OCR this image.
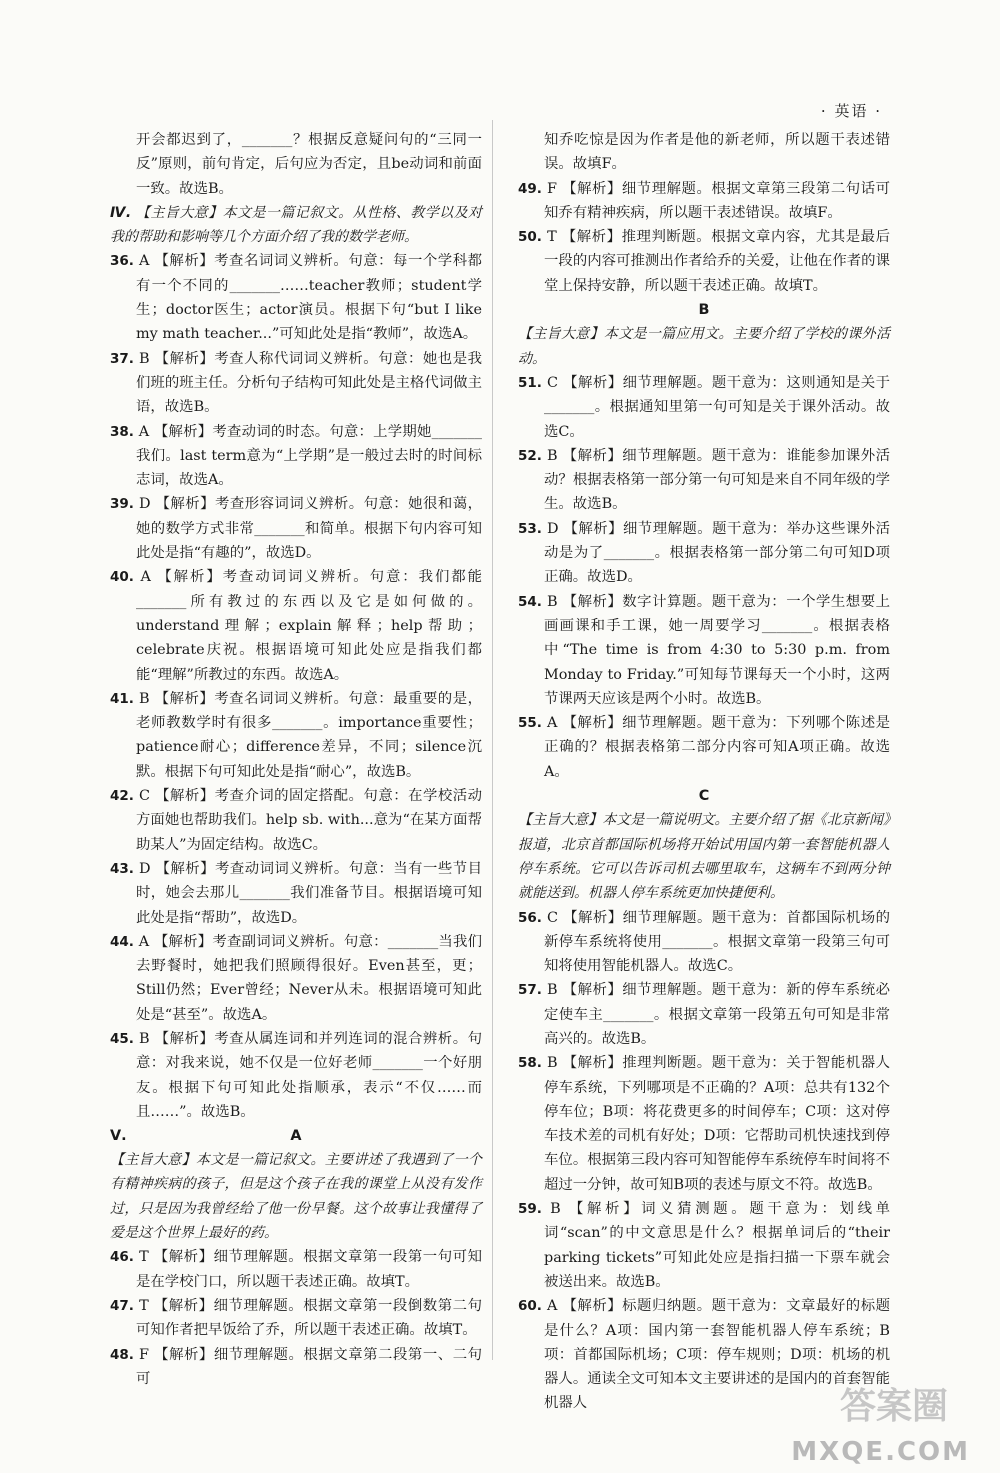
· 英语 ·
开会都迟到了，_______？根据反意疑问句的“三同一反”原则，前句肯定，后句应为否定，且be动词和前面一致。故选B。
Ⅳ. 【主旨大意】本文是一篇记叙文。从性格、教学以及对我的帮助和影响等几个方面介绍了我的数学老师。
36. A 【解析】考查名词词义辨析。句意：每一个学科都有一个不同的_______……teacher教师；student学生；doctor医生；actor演员。根据下句“but I like my math teacher...”可知此处是指“教师”，故选A。
37. B 【解析】考查人称代词词义辨析。句意：她也是我们班的班主任。分析句子结构可知此处是主格代词做主语，故选B。
38. A 【解析】考查动词的时态。句意：上学期她_______我们。last term意为“上学期”是一般过去时的时间标志词，故选A。
39. D 【解析】考查形容词词义辨析。句意：她很和蔼，她的数学方式非常_______和简单。根据下句内容可知此处是指“有趣的”，故选D。
40. A 【解析】考查动词词义辨析。句意：我们都能_______所有教过的东西以及它是如何做的。understand理解；explain解释；help帮助；celebrate庆祝。根据语境可知此处应是指我们都能“理解”所教过的东西。故选A。
41. B 【解析】考查名词词义辨析。句意：最重要的是，老师教数学时有很多_______。importance重要性；patience耐心；difference差异，不同；silence沉默。根据下句可知此处是指“耐心”，故选B。
42. C 【解析】考查介词的固定搭配。句意：在学校活动方面她也帮助我们。help sb. with...意为“在某方面帮助某人”为固定结构。故选C。
43. D 【解析】考查动词词义辨析。句意：当有一些节目时，她会去那儿_______我们准备节目。根据语境可知此处是指“帮助”，故选D。
44. A 【解析】考查副词词义辨析。句意：_______当我们去野餐时，她把我们照顾得很好。Even甚至，更；Still仍然；Ever曾经；Never从未。根据语境可知此处是“甚至”。故选A。
45. B 【解析】考查从属连词和并列连词的混合辨析。句意：对我来说，她不仅是一位好老师_______一个好朋友。根据下句可知此处指顺承，表示“不仅……而且……”。故选B。
Ⅴ.	A
【主旨大意】本文是一篇记叙文。主要讲述了我遇到了一个有精神疾病的孩子，但是这个孩子在我的课堂上从没有发作过，只是因为我曾经给了他一份早餐。这个故事让我懂得了爱是这个世界上最好的药。
46. T 【解析】细节理解题。根据文章第一段第一句可知是在学校门口，所以题干表述正确。故填T。
47. T 【解析】细节理解题。根据文章第一段倒数第二句可知作者把早饭给了乔，所以题干表述正确。故填T。
48. F 【解析】细节理解题。根据文章第二段第一、二句可
知乔吃惊是因为作者是他的新老师，所以题干表述错误。故填F。
49. F 【解析】细节理解题。根据文章第三段第二句话可知乔有精神疾病，所以题干表述错误。故填F。
50. T 【解析】推理判断题。根据文章内容，尤其是最后一段的内容可推测出作者给乔的关爱，让他在作者的课堂上保持安静，所以题干表述正确。故填T。
B
【主旨大意】本文是一篇应用文。主要介绍了学校的课外活动。
51. C 【解析】细节理解题。题干意为：这则通知是关于_______。根据通知里第一句可知是关于课外活动。故选C。
52. B 【解析】细节理解题。题干意为：谁能参加课外活动？根据表格第一部分第一句可知是来自不同年级的学生。故选B。
53. D 【解析】细节理解题。题干意为：举办这些课外活动是为了_______。根据表格第一部分第二句可知D项正确。故选D。
54. B 【解析】数字计算题。题干意为：一个学生想要上画画课和手工课，她一周要学习_______。根据表格中“The time is from 4:30 to 5:30 p.m. from Monday to Friday.”可知每节课每天一个小时，这两节课两天应该是两个小时。故选B。
55. A 【解析】细节理解题。题干意为：下列哪个陈述是正确的？根据表格第二部分内容可知A项正确。故选A。
C
【主旨大意】本文是一篇说明文。主要介绍了据《北京新闻》报道，北京首都国际机场将开始试用国内第一套智能机器人停车系统。它可以告诉司机去哪里取车，这辆车不到两分钟就能送到。机器人停车系统更加快捷便利。
56. C 【解析】细节理解题。题干意为：首都国际机场的新停车系统将使用_______。根据文章第一段第三句可知将使用智能机器人。故选C。
57. B 【解析】细节理解题。题干意为：新的停车系统必定使车主_______。根据文章第一段第五句可知是非常高兴的。故选B。
58. B 【解析】推理判断题。题干意为：关于智能机器人停车系统，下列哪项是不正确的？A项：总共有132个停车位；B项：将花费更多的时间停车；C项：这对停车技术差的司机有好处；D项：它帮助司机快速找到停车位。根据第三段内容可知智能停车系统停车时间将不超过一分钟，故可知B项的表述与原文不符。故选B。
59. B 【解析】词义猜测题。题干意为：划线单词“scan”的中文意思是什么？根据单词后的“their parking tickets”可知此处应是指扫描一下票车就会被送出来。故选B。
60. A 【解析】标题归纳题。题干意为：文章最好的标题是什么？A项：国内第一套智能机器人停车系统；B项：首都国际机场；C项：停车规则；D项：机场的机器人。通读全文可知本文主要讲述的是国内的首套智能机器人	答案圈
MXQE.COM
